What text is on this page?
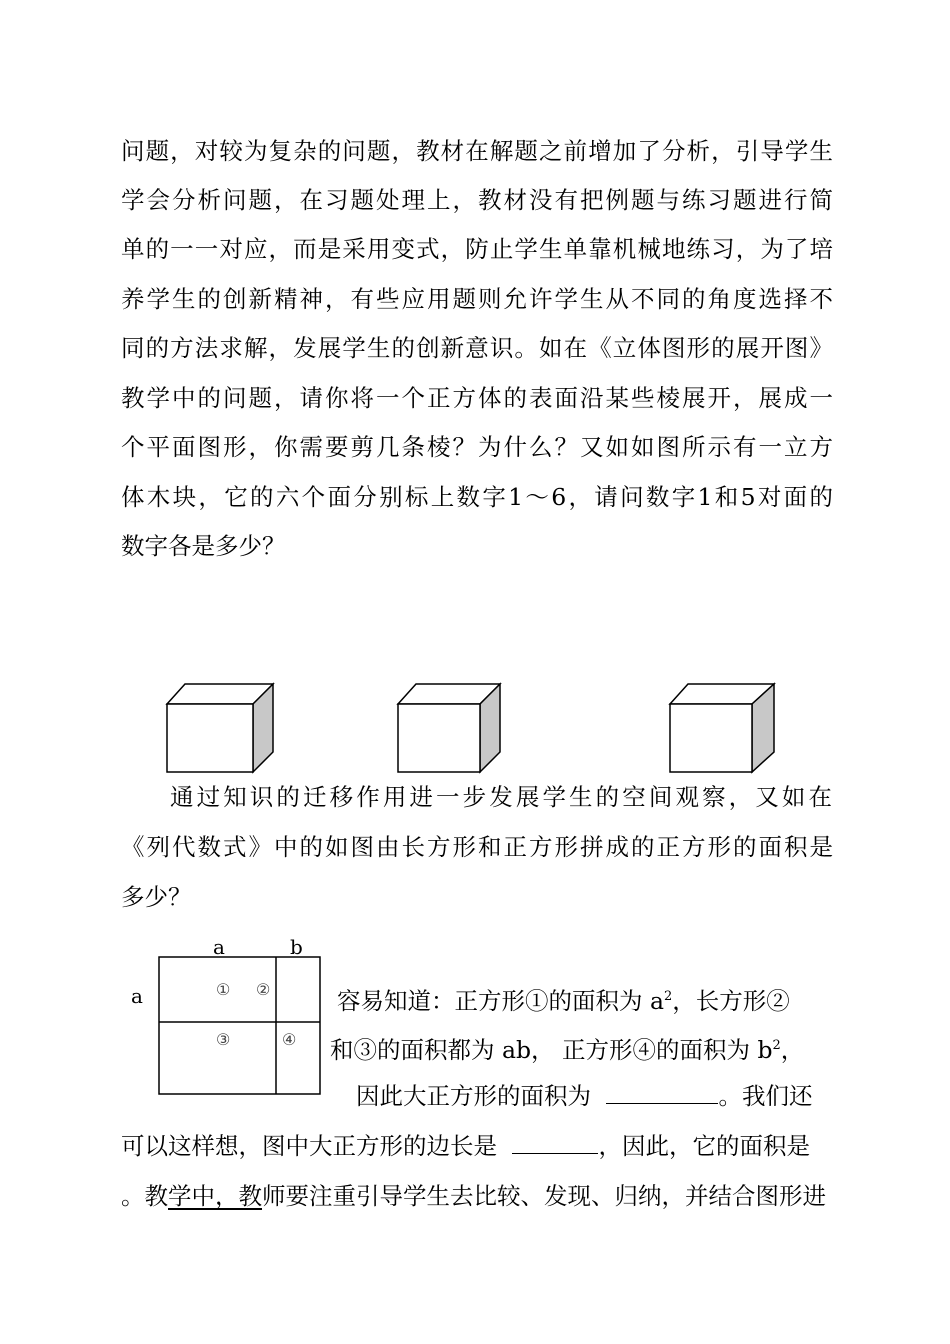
问题，对较为复杂的问题，教材在解题之前增加了分析，引导学生
学会分析问题，在习题处理上，教材没有把例题与练习题进行简
单的一一对应，而是采用变式，防止学生单靠机械地练习，为了培
养学生的创新精神，有些应用题则允许学生从不同的角度选择不
同的方法求解，发展学生的创新意识。如在《立体图形的展开图》
教学中的问题，请你将一个正方体的表面沿某些棱展开，展成一
个平面图形，你需要剪几条棱？为什么？又如如图所示有一立方
体木块，它的六个面分别标上数字1～6，请问数字1和5对面的
数字各是多少？
通过知识的迁移作用进一步发展学生的空间观察，又如在
《列代数式》中的如图由长方形和正方形拼成的正方形的面积是
多少？
a	b
a	① ②
③	④
容易知道：正方形①的面积为 $a^2$，长方形②
和③的面积都为 ab， 正方形④的面积为 $b^2$，
因此大正方形的面积为	。我们还
可以这样想，图中大正方形的边长是	，因此，它的面积是
。教学中，教师要注重引导学生去比较、发现、归纳，并结合图形进
